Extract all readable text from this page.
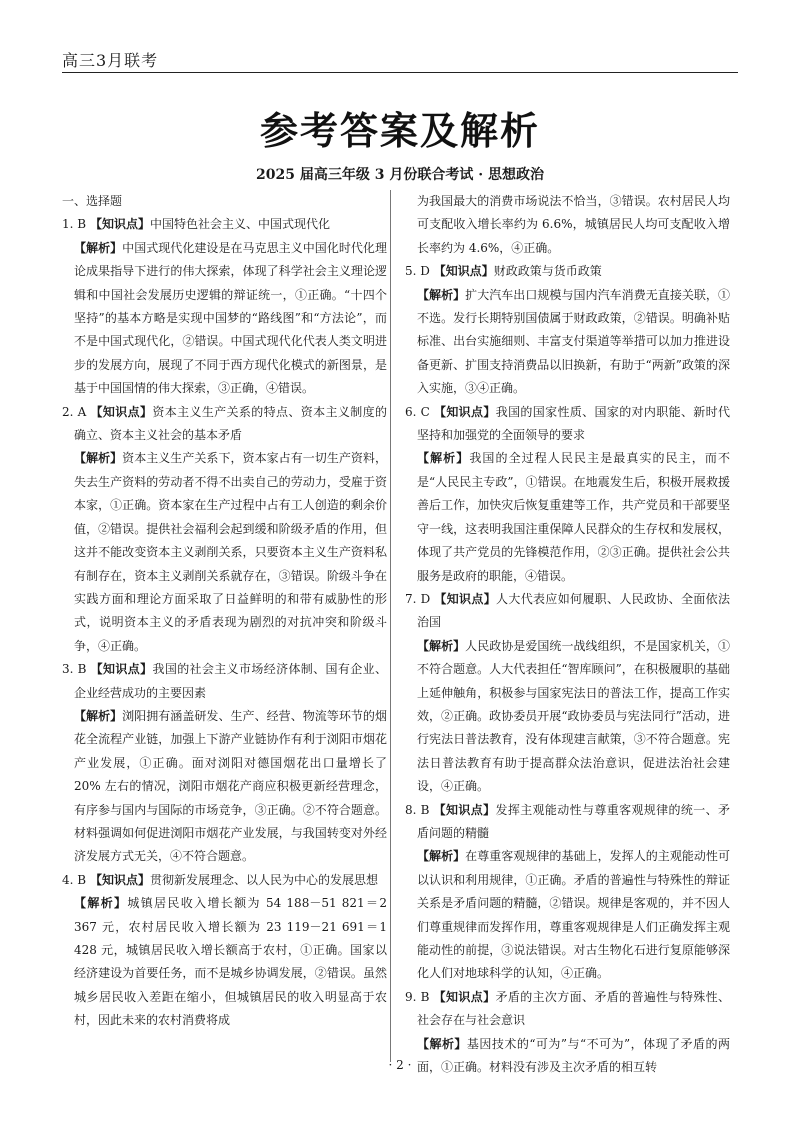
高三3月联考
参考答案及解析
2025 届高三年级 3 月份联合考试 · 思想政治

一、选择题

1. B 【知识点】中国特色社会主义、中国式现代化

【解析】中国式现代化建设是在马克思主义中国化时代化理论成果指导下进行的伟大探索，体现了科学社会主义理论逻辑和中国社会发展历史逻辑的辩证统一，①正确。“十四个坚持”的基本方略是实现中国梦的“路线图”和“方法论”，而不是中国式现代化，②错误。中国式现代化代表人类文明进步的发展方向，展现了不同于西方现代化模式的新图景，是基于中国国情的伟大探索，③正确，④错误。

2. A 【知识点】资本主义生产关系的特点、资本主义制度的确立、资本主义社会的基本矛盾

【解析】资本主义生产关系下，资本家占有一切生产资料，失去生产资料的劳动者不得不出卖自己的劳动力，受雇于资本家，①正确。资本家在生产过程中占有工人创造的剩余价值，②错误。提供社会福利会起到缓和阶级矛盾的作用，但这并不能改变资本主义剥削关系，只要资本主义生产资料私有制存在，资本主义剥削关系就存在，③错误。阶级斗争在实践方面和理论方面采取了日益鲜明的和带有威胁性的形式，说明资本主义的矛盾表现为剧烈的对抗冲突和阶级斗争，④正确。

3. B 【知识点】我国的社会主义市场经济体制、国有企业、企业经营成功的主要因素

【解析】浏阳拥有涵盖研发、生产、经营、物流等环节的烟花全流程产业链，加强上下游产业链协作有利于浏阳市烟花产业发展，①正确。面对浏阳对德国烟花出口量增长了 20% 左右的情况，浏阳市烟花产商应积极更新经营理念，有序参与国内与国际的市场竞争，③正确。②不符合题意。材料强调如何促进浏阳市烟花产业发展，与我国转变对外经济发展方式无关，④不符合题意。

4. B 【知识点】贯彻新发展理念、以人民为中心的发展思想

【解析】城镇居民收入增长额为 54 188－51 821＝2 367 元，农村居民收入增长额为 23 119－21 691＝1 428 元，城镇居民收入增长额高于农村，①正确。国家以经济建设为首要任务，而不是城乡协调发展，②错误。虽然城乡居民收入差距在缩小，但城镇居民的收入明显高于农村，因此未来的农村消费将成

为我国最大的消费市场说法不恰当，③错误。农村居民人均可支配收入增长率约为 6.6%，城镇居民人均可支配收入增长率约为 4.6%，④正确。

5. D 【知识点】财政政策与货币政策

【解析】扩大汽车出口规模与国内汽车消费无直接关联，①不选。发行长期特别国债属于财政政策，②错误。明确补贴标准、出台实施细则、丰富支付渠道等举措可以加力推进设备更新、扩围支持消费品以旧换新，有助于“两新”政策的深入实施，③④正确。

6. C 【知识点】我国的国家性质、国家的对内职能、新时代坚持和加强党的全面领导的要求

【解析】我国的全过程人民民主是最真实的民主，而不是“人民民主专政”，①错误。在地震发生后，积极开展救援善后工作，加快灾后恢复重建等工作，共产党员和干部要坚守一线，这表明我国注重保障人民群众的生存权和发展权，体现了共产党员的先锋模范作用，②③正确。提供社会公共服务是政府的职能，④错误。

7. D 【知识点】人大代表应如何履职、人民政协、全面依法治国

【解析】人民政协是爱国统一战线组织，不是国家机关，①不符合题意。人大代表担任“智库顾问”，在积极履职的基础上延伸触角，积极参与国家宪法日的普法工作，提高工作实效，②正确。政协委员开展“政协委员与宪法同行”活动，进行宪法日普法教育，没有体现建言献策，③不符合题意。宪法日普法教育有助于提高群众法治意识，促进法治社会建设，④正确。

8. B 【知识点】发挥主观能动性与尊重客观规律的统一、矛盾问题的精髓

【解析】在尊重客观规律的基础上，发挥人的主观能动性可以认识和利用规律，①正确。矛盾的普遍性与特殊性的辩证关系是矛盾问题的精髓，②错误。规律是客观的，并不因人们尊重规律而发挥作用，尊重客观规律是人们正确发挥主观能动性的前提，③说法错误。对古生物化石进行复原能够深化人们对地球科学的认知，④正确。

9. B 【知识点】矛盾的主次方面、矛盾的普遍性与特殊性、社会存在与社会意识

【解析】基因技术的“可为”与“不可为”，体现了矛盾的两面，①正确。材料没有涉及主次矛盾的相互转

· 2 ·
